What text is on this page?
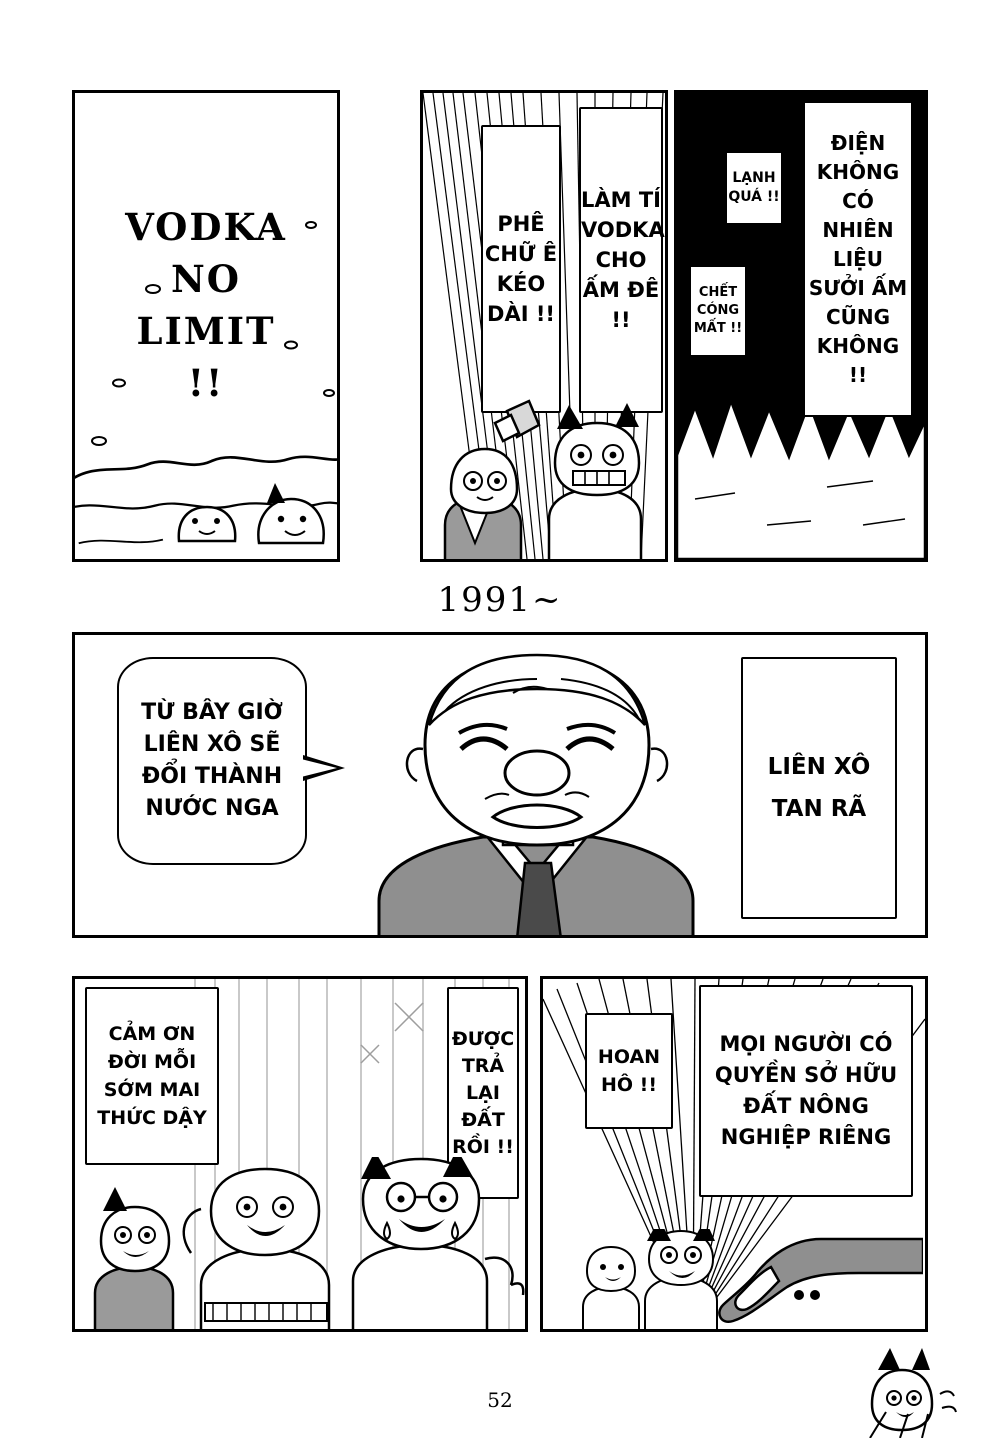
VODKA
NO
LIMIT
!!
PHÊ CHỮ Ê KÉO DÀI !!
LÀM TÍ VODKA CHO ẤM ĐÊ !!
LẠNH QUÁ !!
CHẾT CÓNG MẤT !!
ĐIỆN KHÔNG CÓ NHIÊN LIỆU SƯỞI ẤM CŨNG KHÔNG !!
1991~
TỪ BÂY GIỜ LIÊN XÔ SẼ ĐỔI THÀNH NƯỚC NGA
LIÊN XÔ TAN RÃ
CẢM ƠN ĐỜI MỖI SỚM MAI THỨC DẬY
ĐƯỢC TRẢ LẠI ĐẤT RỒI !!
HOAN HÔ !!
MỌI NGƯỜI CÓ QUYỀN SỞ HỮU ĐẤT NÔNG NGHIỆP RIÊNG
52
